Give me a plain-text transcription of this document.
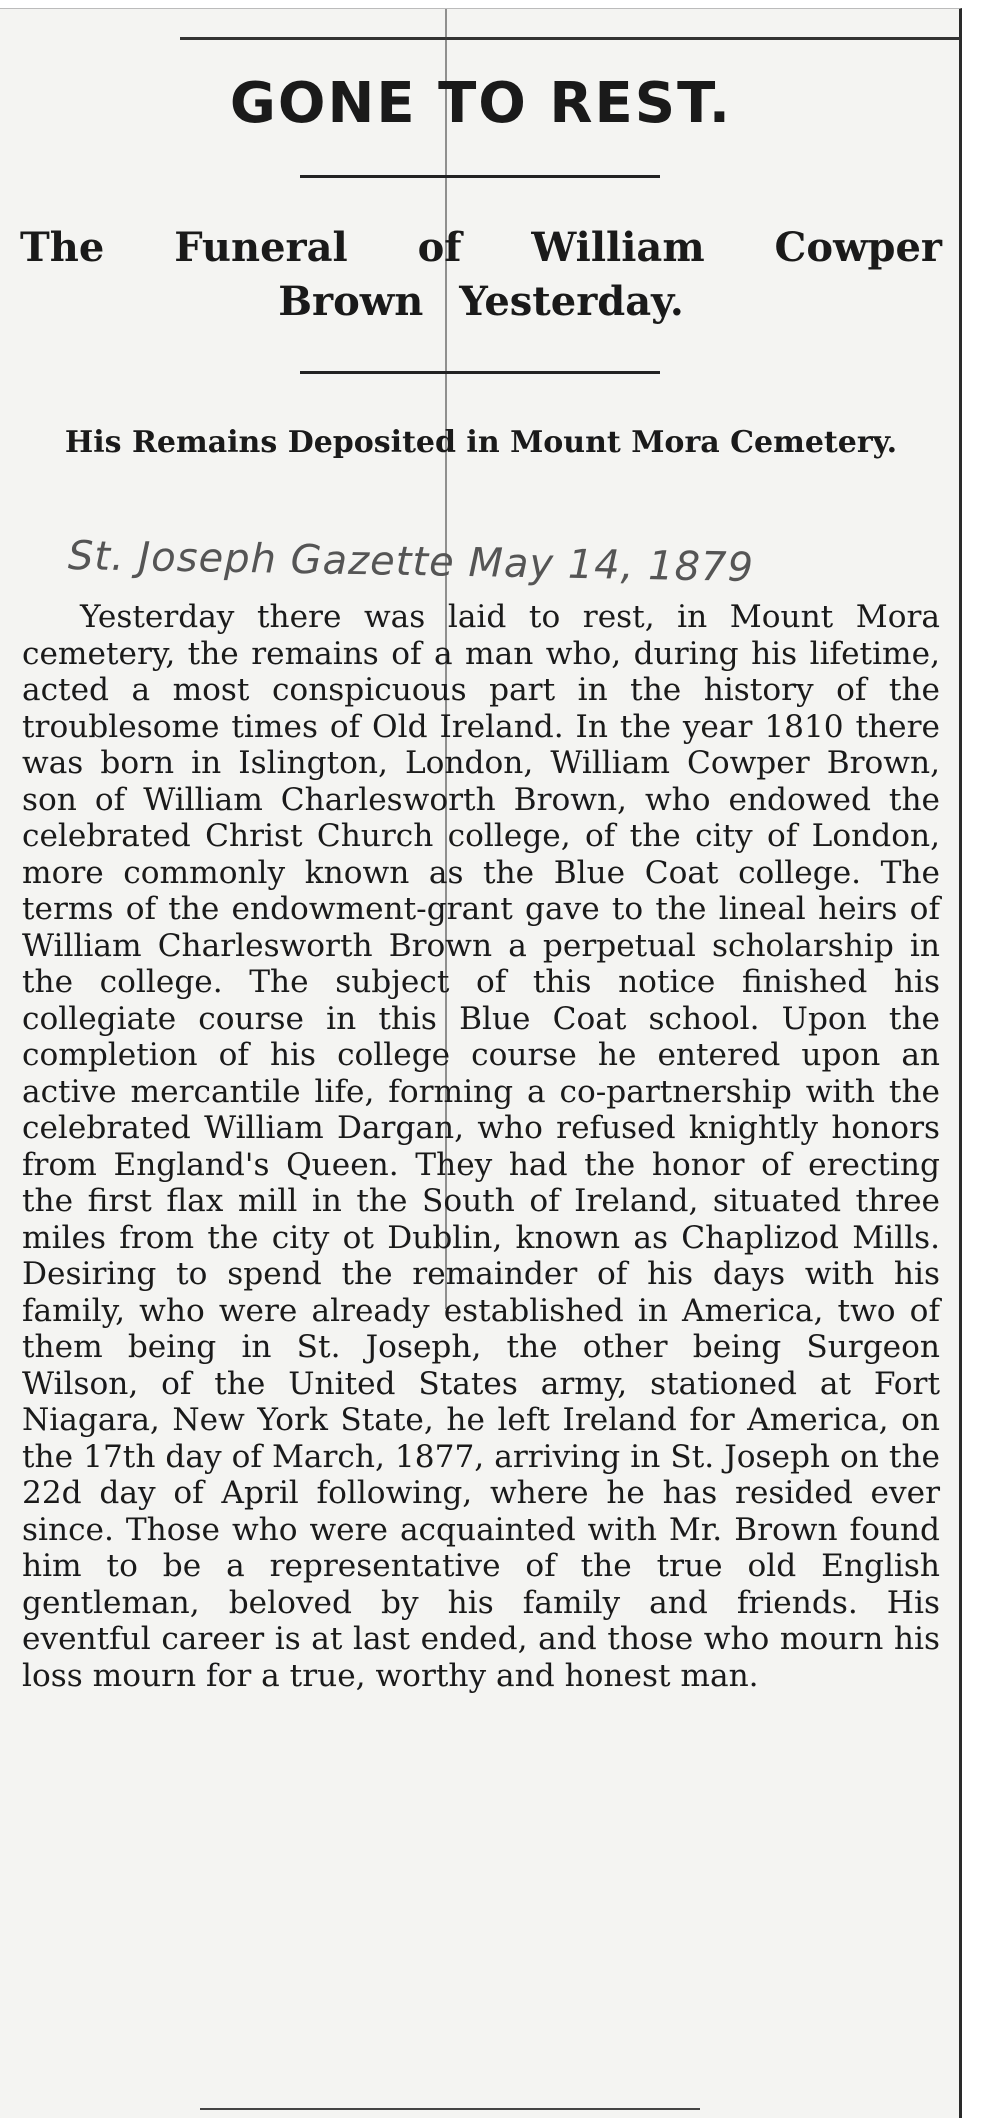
GONE TO REST.
The Funeral of William Cowper Brown Yesterday.
His Remains Deposited in Mount Mora Cemetery.

St. Joseph Gazette May 14, 1879

Yesterday there was laid to rest, in Mount Mora cemetery, the remains of a man who, during his lifetime, acted a most conspicuous part in the history of the troublesome times of Old Ireland. In the year 1810 there was born in Islington, London, William Cowper Brown, son of William Charlesworth Brown, who endowed the celebrated Christ Church college, of the city of London, more commonly known as the Blue Coat college. The terms of the endowment-grant gave to the lineal heirs of William Charlesworth Brown a perpetual scholarship in the college. The subject of this notice finished his collegiate course in this Blue Coat school. Upon the completion of his college course he entered upon an active mercantile life, forming a co-partnership with the celebrated William Dargan, who refused knightly honors from England's Queen. They had the honor of erecting the first flax mill in the South of Ireland, situated three miles from the city ot Dublin, known as Chaplizod Mills. Desiring to spend the remainder of his days with his family, who were already established in America, two of them being in St. Joseph, the other being Surgeon Wilson, of the United States army, stationed at Fort Niagara, New York State, he left Ireland for America, on the 17th day of March, 1877, arriving in St. Joseph on the 22d day of April following, where he has resided ever since. Those who were acquainted with Mr. Brown found him to be a representative of the true old English gentleman, beloved by his family and friends. His eventful career is at last ended, and those who mourn his loss mourn for a true, worthy and honest man.
